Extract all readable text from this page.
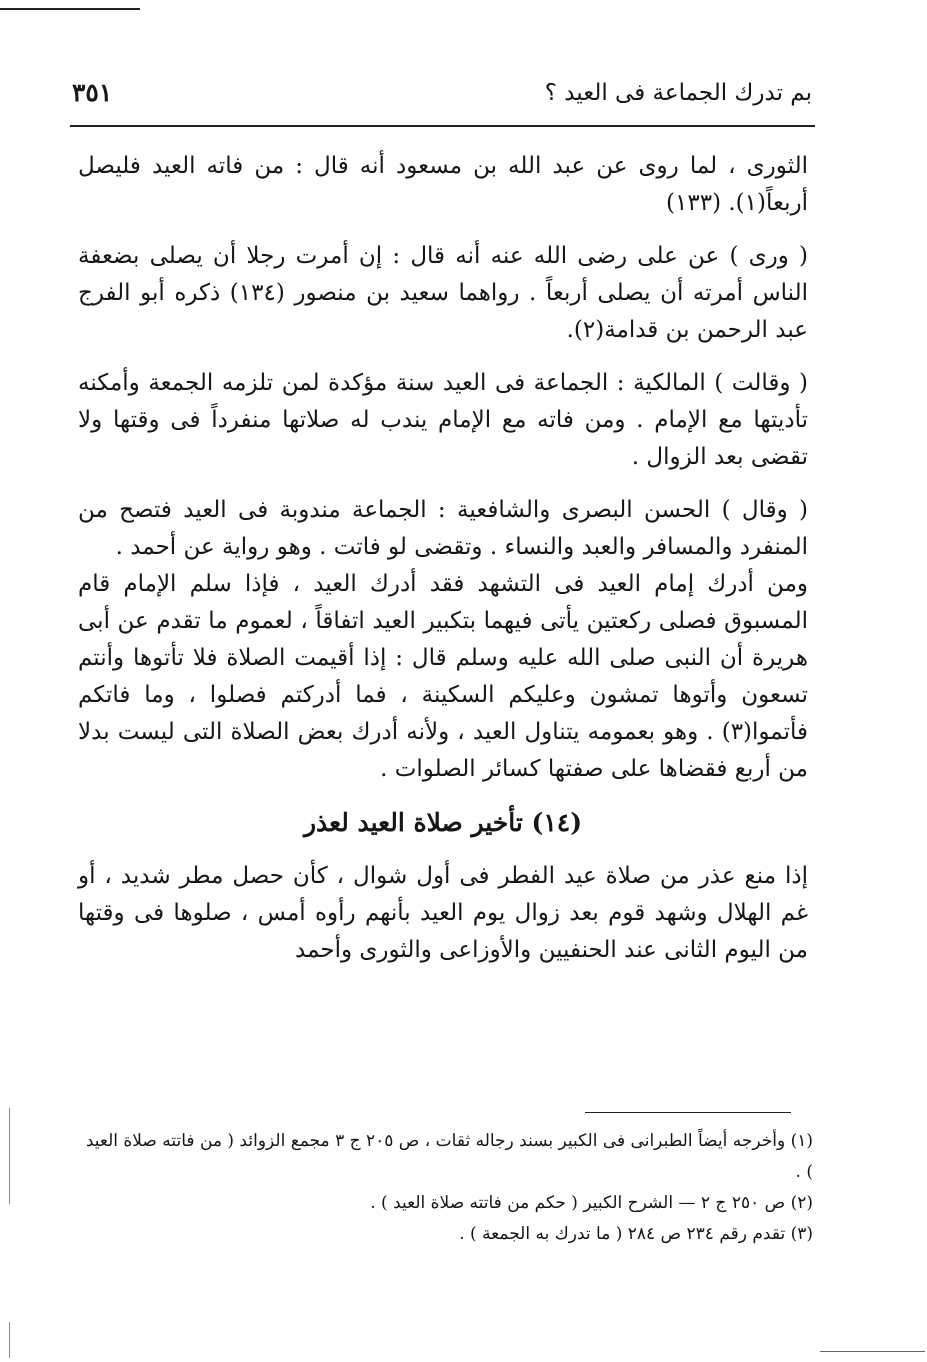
بم تدرك الجماعة فى العيد ؟
٣٥١

الثورى ، لما روى عن عبد الله بن مسعود أنه قال : من فاته العيد فليصل أربعاً(١). (١٣٣)

( ورى ) عن على رضى الله عنه أنه قال : إن أمرت رجلا أن يصلى بضعفة الناس أمرته أن يصلى أربعاً . رواهما سعيد بن منصور (١٣٤) ذكره أبو الفرج عبد الرحمن بن قدامة(٢).

( وقالت ) المالكية : الجماعة فى العيد سنة مؤكدة لمن تلزمه الجمعة وأمكنه تأديتها مع الإمام . ومن فاته مع الإمام يندب له صلاتها منفرداً فى وقتها ولا تقضى بعد الزوال .

( وقال ) الحسن البصرى والشافعية : الجماعة مندوبة فى العيد فتصح من المنفرد والمسافر والعبد والنساء . وتقضى لو فاتت . وهو رواية عن أحمد .

ومن أدرك إمام العيد فى التشهد فقد أدرك العيد ، فإذا سلم الإمام قام المسبوق فصلى ركعتين يأتى فيهما بتكبير العيد اتفاقاً ، لعموم ما تقدم عن أبى هريرة أن النبى صلى الله عليه وسلم قال : إذا أقيمت الصلاة فلا تأتوها وأنتم تسعون وأتوها تمشون وعليكم السكينة ، فما أدركتم فصلوا ، وما فاتكم فأتموا(٣) . وهو بعمومه يتناول العيد ، ولأنه أدرك بعض الصلاة التى ليست بدلا من أربع فقضاها على صفتها كسائر الصلوات .

(١٤) تأخير صلاة العيد لعذر

إذا منع عذر من صلاة عيد الفطر فى أول شوال ، كأن حصل مطر شديد ، أو غم الهلال وشهد قوم بعد زوال يوم العيد بأنهم رأوه أمس ، صلوها فى وقتها من اليوم الثانى عند الحنفيين والأوزاعى والثورى وأحمد

(١) وأخرجه أيضاً الطبرانى فى الكبير بسند رجاله ثقات ، ص ٢٠٥ ج ٣ مجمع الزوائد ( من فاتته صلاة العيد ) .

(٢) ص ٢٥٠ ج ٢ — الشرح الكبير ( حكم من فاتته صلاة العيد ) .

(٣) تقدم رقم ٢٣٤ ص ٢٨٤ ( ما تدرك به الجمعة ) .
